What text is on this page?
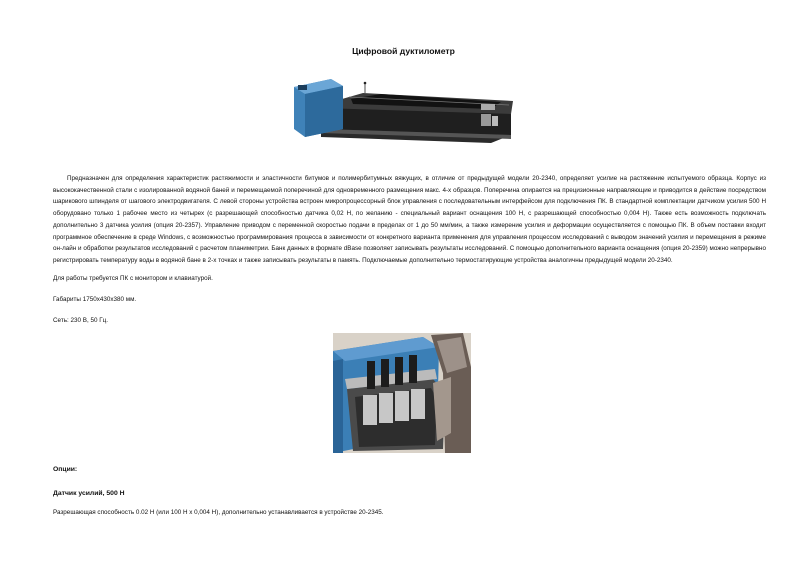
Цифровой дуктилометр
Предназначен для определения характеристик растяжимости и эластичности битумов и полимербитумных вяжущих, в отличие от предыдущей модели 20-2340, определяет усилие на растяжение испытуемого образца. Корпус из высококачественной стали с изолированной водяной баней и перемещаемой поперечиной для одновременного размещения макс. 4-х образцов. Поперечина опирается на прецизионные направляющие и приводится в действие посредством шарикового шпинделя от шагового электродвигателя. С левой стороны устройства встроен микропроцессорный блок управления с последовательным интерфейсом для подключения ПК. В стандартной комплектации датчиком усилия 500 Н оборудовано только 1 рабочее место из четырех (с разрешающей способностью датчика 0,02 Н, по желанию - специальный вариант оснащения 100 Н, с разрешающей способностью 0,004 Н). Также есть возможность подключать дополнительно 3 датчика усилия (опция 20-2357). Управление приводом с переменной скоростью подачи в пределах от 1 до 50 мм/мин, а также измерение усилия и деформации осуществляется с помощью ПК. В объем поставки входит программное обеспечение в среде Windows, с возможностью программирования процесса в зависимости от конкретного варианта применения для управления процессом исследований с выводом значений усилия и перемещения в режиме он-лайн и обработки результатов исследований с расчетом планиметрии. Банк данных в формате dBase позволяет записывать результаты исследований. С помощью дополнительного варианта оснащения (опция 20-2359) можно непрерывно регистрировать температуру воды в водяной бане в 2-х точках и также записывать результаты в память. Подключаемые дополнительно термостатирующие устройства аналогичны предыдущей модели 20-2340.
Для работы требуется ПК с монитором и клавиатурой.
Габариты 1750x430x380 мм.
Сеть: 230 В, 50 Гц.
Опции:
Датчик усилий, 500 Н
Разрешающая способность 0.02 Н (или 100 Н х 0,004 Н), дополнительно устанавливается в устройстве 20-2345.
